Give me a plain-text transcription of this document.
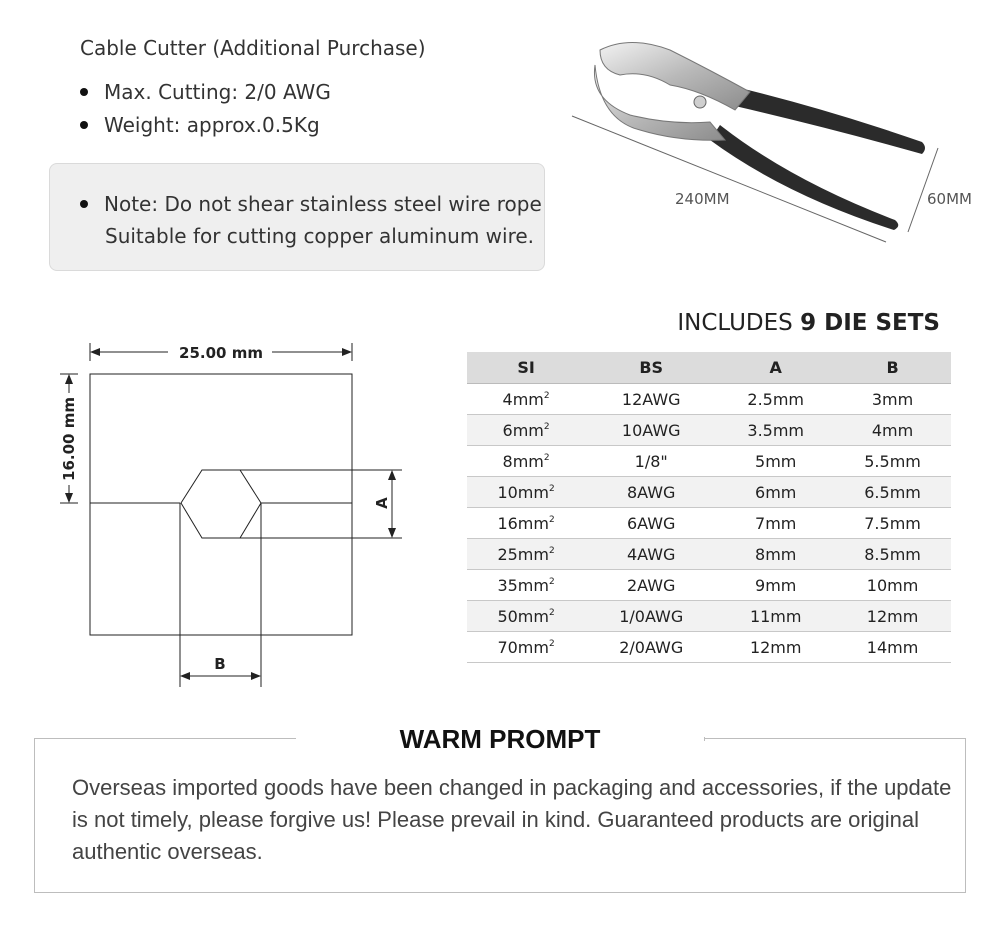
Cable Cutter (Additional Purchase)
Max. Cutting: 2/0 AWG
Weight: approx.0.5Kg
Note: Do not shear stainless steel wire rope
Suitable for cutting copper aluminum wire.
240MM	60MM
INCLUDES 9 DIE SETS
25.00 mm
16.00 mm
A
B
SI	BS	A	B
$4mm^2$	12AWG	2.5mm	3mm
$6mm^2$	10AWG	3.5mm	4mm
$8mm^2$	1/8"	5mm	5.5mm
$10mm^2$	8AWG	6mm	6.5mm
$16mm^2$	6AWG	7mm	7.5mm
$25mm^2$	4AWG	8mm	8.5mm
$35mm^2$	2AWG	9mm	10mm
$50mm^2$	1/0AWG	11mm	12mm
$70mm^2$	2/0AWG	12mm	14mm
WARM PROMPT
Overseas imported goods have been changed in packaging and accessories, if the update is not timely, please forgive us! Please prevail in kind. Guaranteed products are original authentic overseas.
